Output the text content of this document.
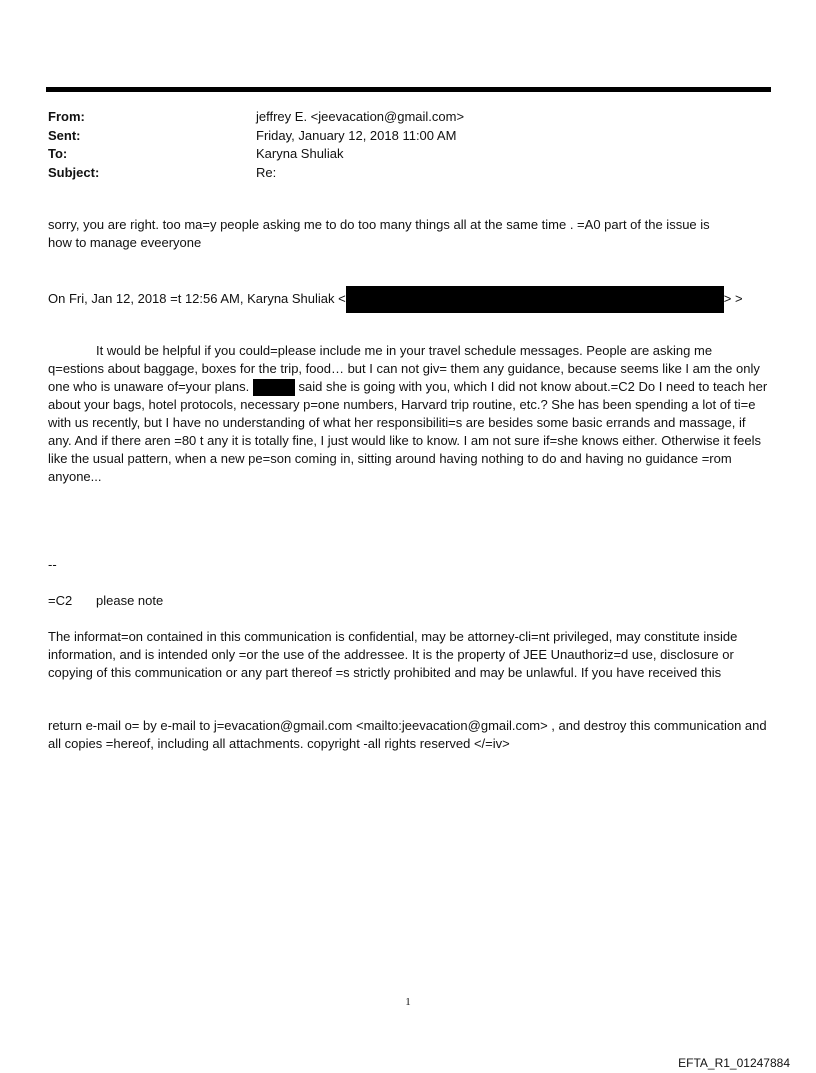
From:	jeffrey E. <jeevacation@gmail.com>
Sent:	Friday, January 12, 2018 11:00 AM
To:	Karyna Shuliak
Subject:	Re:
sorry, you are right. too ma=y people asking me to do too many things all at the same time . =A0 part of the issue is
how to manage eveeryone
On Fri, Jan 12, 2018 =t 12:56 AM, Karyna Shuliak <	> >
It would be helpful if you could=please include me in your travel schedule messages. People are asking me q=estions about baggage, boxes for the trip, food… but I can not giv= them any guidance, because seems like I am the only one who is unaware of=your plans.	said she is going with you, which I did not know about.=C2 Do I need to teach her about your bags, hotel protocols, necessary p=one numbers, Harvard trip routine, etc.? She has been spending a lot of ti=e with us recently, but I have no understanding of what her responsibiliti=s are besides some basic errands and massage, if any. And if there aren =80 t any it is totally fine, I just would like to know. I am not sure if=she knows either. Otherwise it feels like the usual pattern, when a new pe=son coming in, sitting around having nothing to do and having no guidance =rom anyone...
--
=C2 please note
The informat=on contained in this communication is confidential, may be attorney-cli=nt privileged, may constitute inside information, and is intended only =or the use of the addressee. It is the property of JEE Unauthoriz=d use, disclosure or copying of this communication or any part thereof =s strictly prohibited and may be unlawful. If you have received this
return e-mail o= by e-mail to j=evacation@gmail.com <mailto:jeevacation@gmail.com> , and destroy this communication and all copies =hereof, including all attachments. copyright -all rights reserved </=iv>
1
EFTA_R1_01247884
